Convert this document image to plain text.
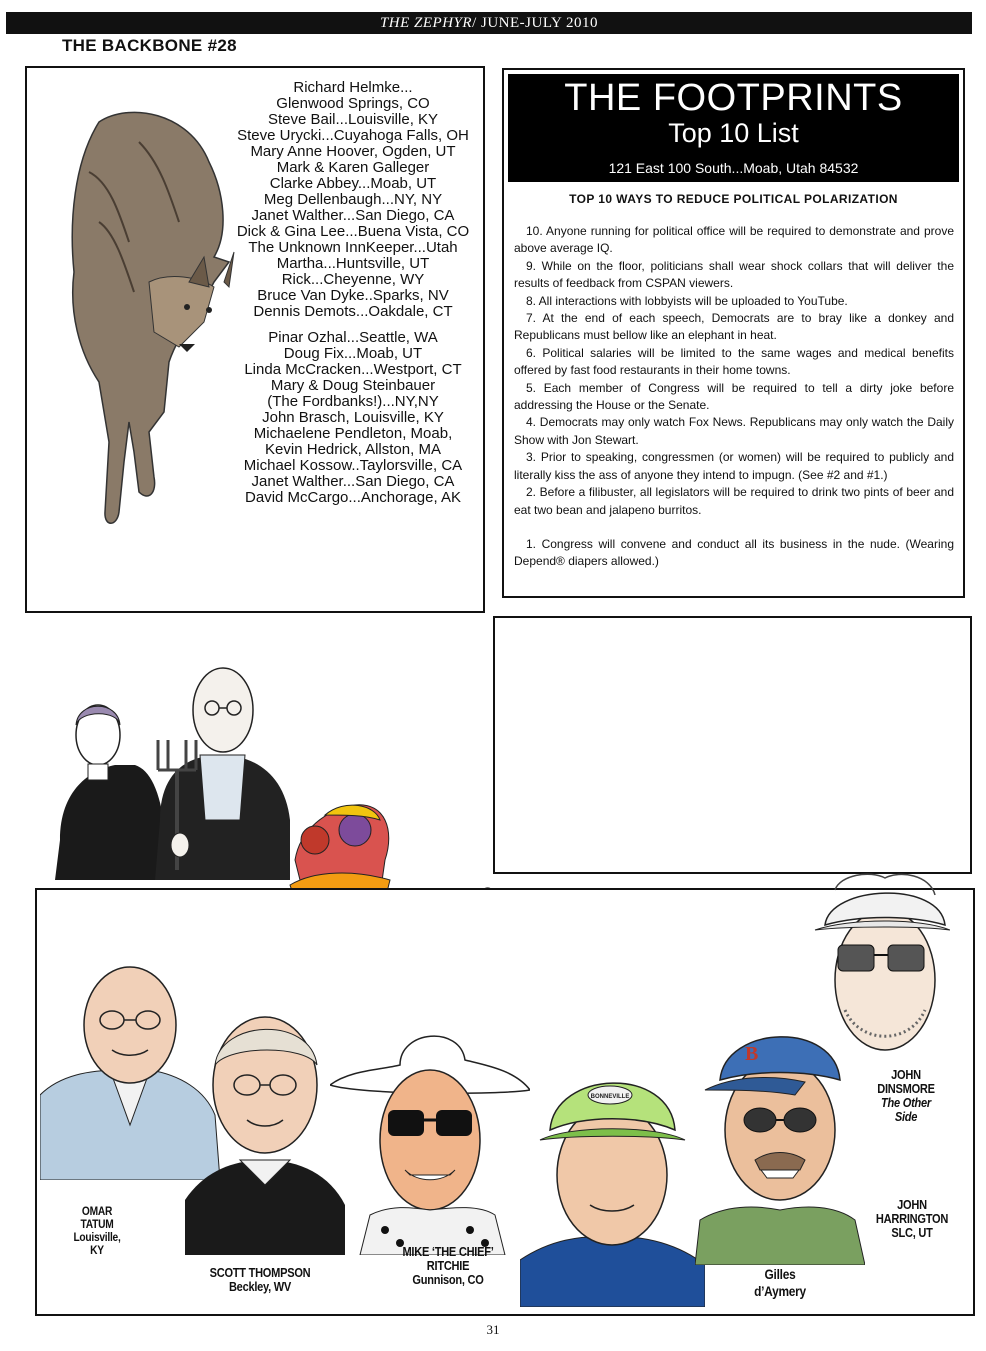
THE ZEPHYR/ JUNE-JULY 2010
THE BACKBONE #28
Richard Helmke...
Glenwood Springs, CO
Steve Bail...Louisville, KY
Steve Urycki...Cuyahoga Falls, OH
Mary Anne Hoover, Ogden, UT
Mark & Karen Galleger
Clarke Abbey...Moab, UT
Meg Dellenbaugh...NY, NY
Janet Walther...San Diego, CA
Dick & Gina Lee...Buena Vista, CO
The Unknown InnKeeper...Utah
Martha...Huntsville, UT
Rick...Cheyenne, WY
Bruce Van Dyke..Sparks, NV
Dennis Demots...Oakdale, CT
Pinar Ozhal...Seattle, WA
Doug Fix...Moab, UT
Linda McCracken...Westport, CT
Mary & Doug Steinbauer
(The Fordbanks!)...NY,NY
John Brasch, Louisville, KY
Michaelene Pendleton, Moab,
Kevin Hedrick, Allston, MA
Michael Kossow..Taylorsville, CA
Janet Walther...San Diego, CA
David McCargo...Anchorage, AK
THE FOOTPRINTS
Top 10 List
121 East 100 South...Moab, Utah 84532
TOP 10 WAYS TO REDUCE POLITICAL POLARIZATION

10. Anyone running for political office will be required to demonstrate and prove above average IQ.

9. While on the floor, politicians shall wear shock collars that will deliver the results of feedback from CSPAN viewers.

8. All interactions with lobbyists will be uploaded to YouTube.

7. At the end of each speech, Democrats are to bray like a donkey and Republicans must bellow like an elephant in heat.

6. Political salaries will be limited to the same wages and medical benefits offered by fast food restaurants in their home towns.

5. Each member of Congress will be required to tell a dirty joke before addressing the House or the Senate.

4. Democrats may only watch Fox News. Republicans may only watch the Daily Show with Jon Stewart.

3. Prior to speaking, congressmen (or women) will be required to publicly and literally kiss the ass of anyone they intend to impugn. (See #2 and #1.)

2. Before a filibuster, all legislators will be required to drink two pints of beer and eat two bean and jalapeno burritos.

1. Congress will convene and conduct all its business in the nude. (Wearing Depend® diapers allowed.)

BONNEVILLE
B
OMAR
TATUM
Louisville,
KY
SCOTT THOMPSON
Beckley, WV
MIKE ‘THE CHIEF’
RITCHIE
Gunnison, CO	Gilles
d’Aymery
JOHN
DINSMORE
The Other
Side
JOHN
HARRINGTON
SLC, UT
31
